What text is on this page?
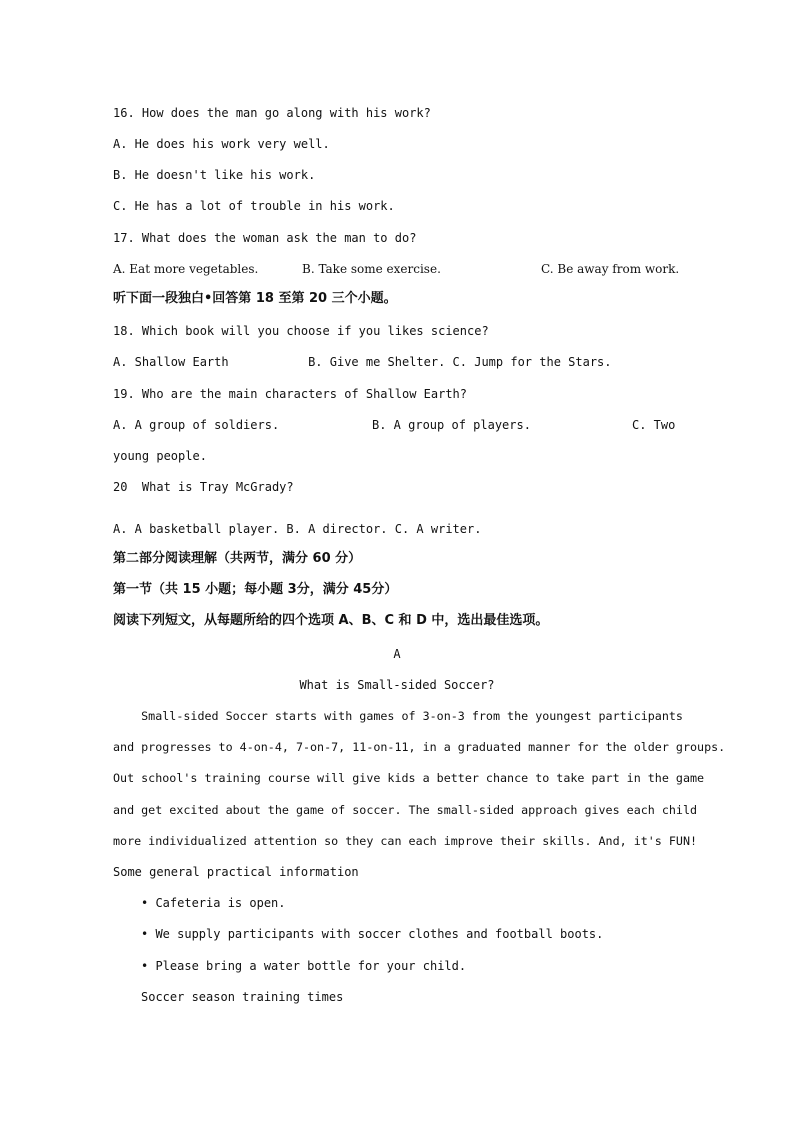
16. How does the man go along with his work?
A. He does his work very well.
B. He doesn't like his work.
C. He has a lot of trouble in his work.
17. What does the woman ask the man to do?
A. Eat more vegetables.	B. Take some exercise.	C. Be away from work.
听下面一段独白•回答第 18 至第 20 三个小题。
18. Which book will you choose if you likes science?
A. Shallow Earth           B. Give me Shelter. C. Jump for the Stars.
19. Who are the main characters of Shallow Earth?
A. A group of soldiers.	B. A group of players.	C. Two
young people.
20  What is Tray McGrady?
A. A basketball player. B. A director. C. A writer.
第二部分阅读理解（共两节，满分 60 分）
第一节（共 15 小题；每小题 3分，满分 45分）
阅读下列短文，从每题所给的四个选项 A、B、C 和 D 中，选出最佳选项。
A
What is Small-sided Soccer?
Small-sided Soccer starts with games of 3-on-3 from the youngest participants
and progresses to 4-on-4, 7-on-7, 11-on-11, in a graduated manner for the older groups.
Out school's training course will give kids a better chance to take part in the game
and get excited about the game of soccer. The small-sided approach gives each child
more individualized attention so they can each improve their skills. And, it's FUN!
Some general practical information
• Cafeteria is open.
• We supply participants with soccer clothes and football boots.
• Please bring a water bottle for your child.
Soccer season training times
